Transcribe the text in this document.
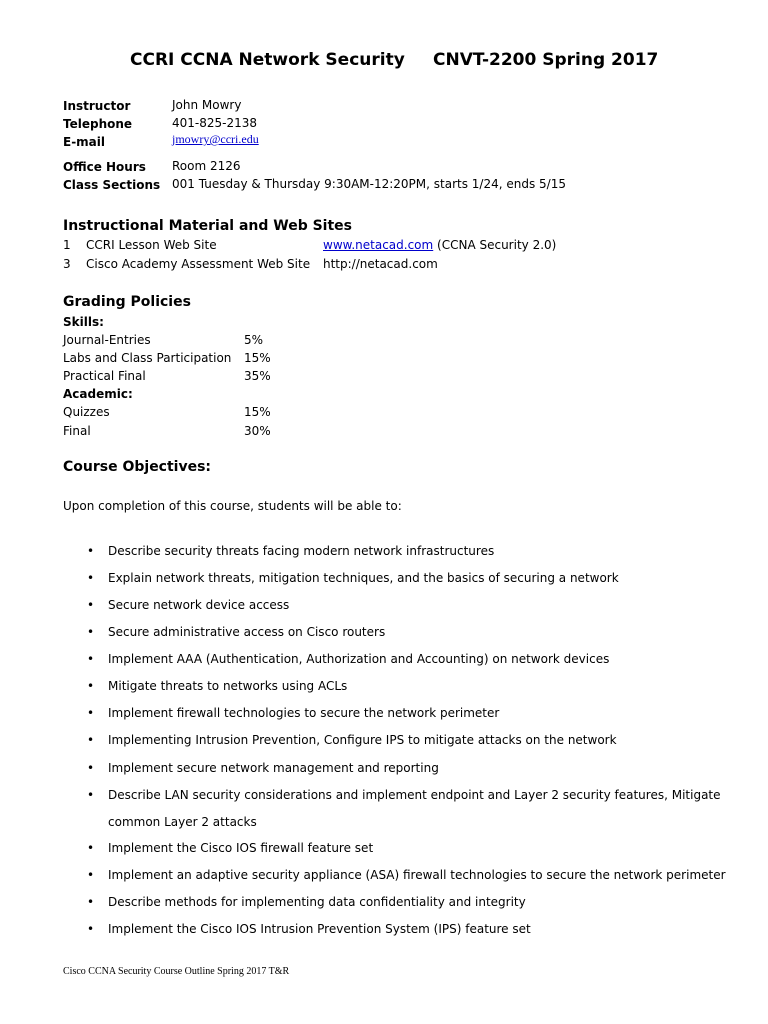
CCRI CCNA Network Security CNVT-2200 Spring 2017
Instructor	John Mowry
Telephone	401-825-2138
E-mail	jmowry@ccri.edu
Office Hours Room 2126
Class Sections 001 Tuesday & Thursday 9:30AM-12:20PM, starts 1/24, ends 5/15
Instructional Material and Web Sites
1 CCRI Lesson Web Site	www.netacad.com (CCNA Security 2.0)
3 Cisco Academy Assessment Web Site http://netacad.com
Grading Policies
Skills:
Journal-Entries	5%
Labs and Class Participation 15%
Practical Final	35%
Academic:
Quizzes	15%
Final	30%
Course Objectives:
Upon completion of this course, students will be able to:
• Describe security threats facing modern network infrastructures
• Explain network threats, mitigation techniques, and the basics of securing a network
• Secure network device access
• Secure administrative access on Cisco routers
• Implement AAA (Authentication, Authorization and Accounting) on network devices
• Mitigate threats to networks using ACLs
• Implement firewall technologies to secure the network perimeter
• Implementing Intrusion Prevention, Configure IPS to mitigate attacks on the network
• Implement secure network management and reporting
• Describe LAN security considerations and implement endpoint and Layer 2 security features, Mitigate
common Layer 2 attacks
• Implement the Cisco IOS firewall feature set
• Implement an adaptive security appliance (ASA) firewall technologies to secure the network perimeter
• Describe methods for implementing data confidentiality and integrity
• Implement the Cisco IOS Intrusion Prevention System (IPS) feature set
Cisco CCNA Security Course Outline Spring 2017 T&R
